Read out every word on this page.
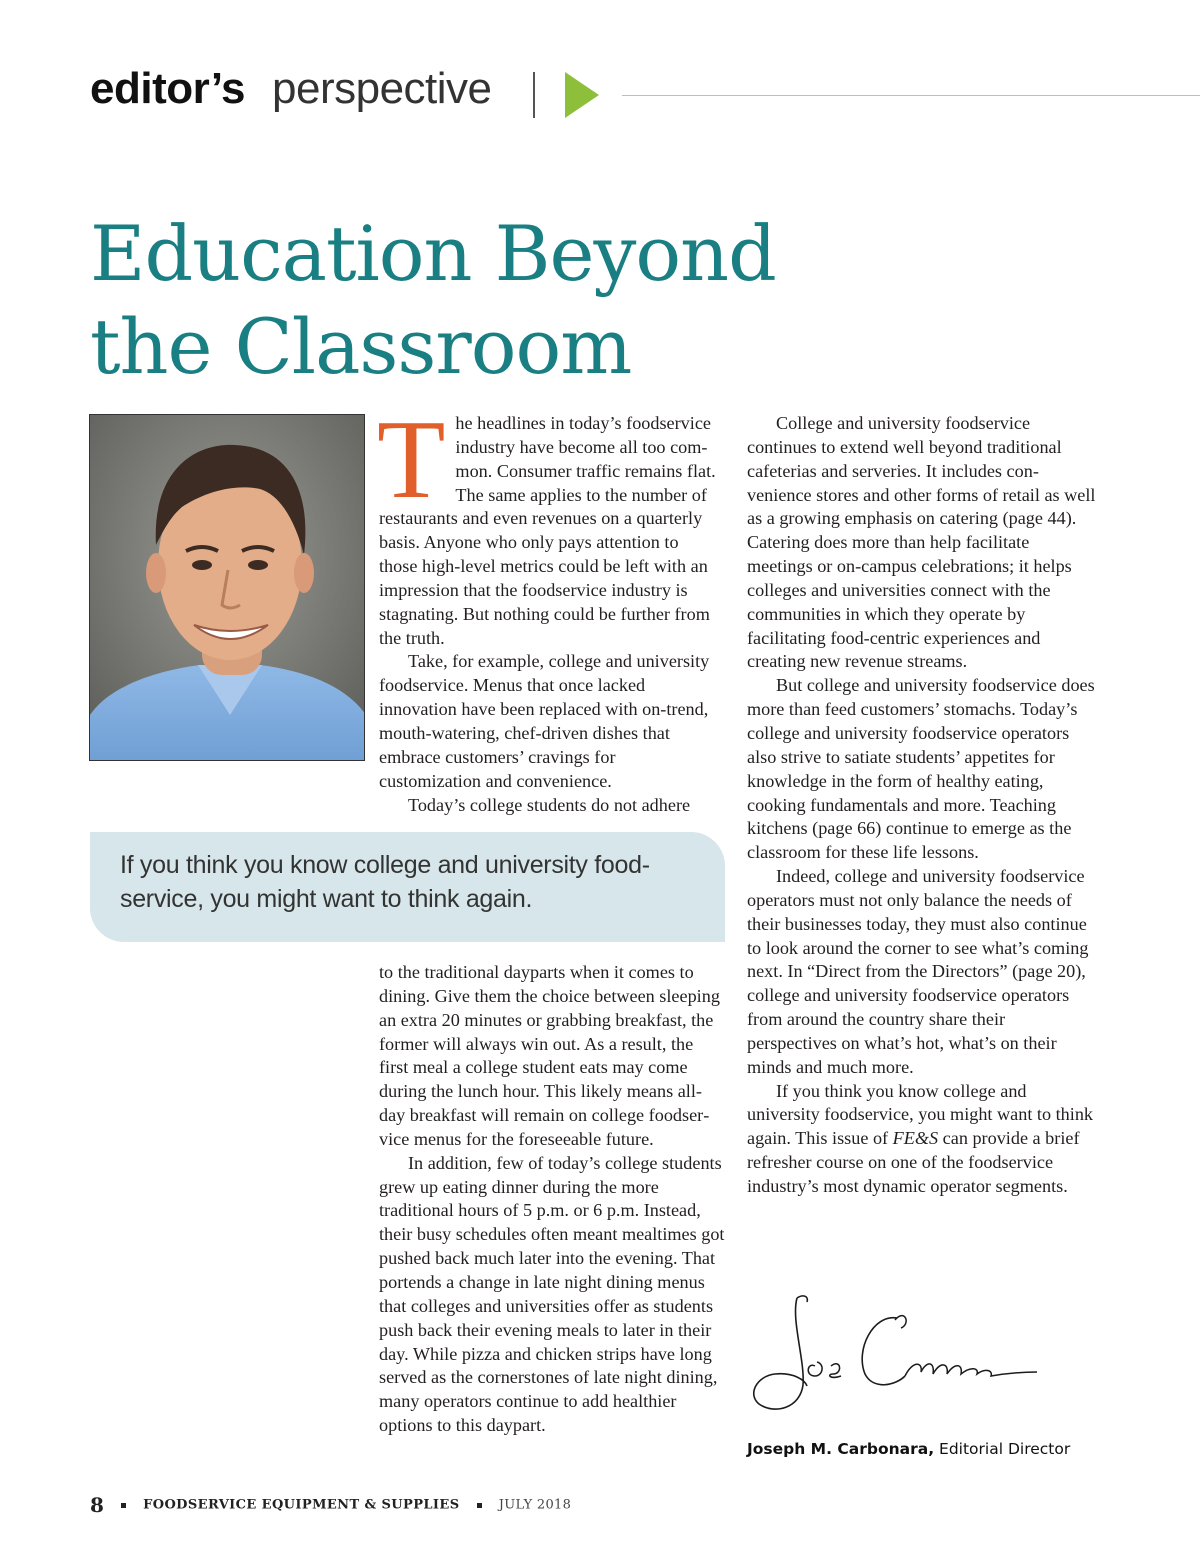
editor’s perspective
Education Beyond
the Classroom

The headlines in today’s foodservice industry have become all too common. Consumer traffic remains flat. The same applies to the number of restaurants and even revenues on a quarterly basis. Anyone who only pays attention to those high-level metrics could be left with an impression that the foodservice industry is stagnating. But nothing could be further from the truth.

Take, for example, college and university foodservice. Menus that once lacked innovation have been replaced with on-trend, mouth-watering, chef-driven dishes that embrace customers’ cravings for customization and convenience.

Today’s college students do not adhere

If you think you know college and university foodservice, you might want to think again.

to the traditional dayparts when it comes to dining. Give them the choice between sleeping an extra 20 minutes or grabbing breakfast, the former will always win out. As a result, the first meal a college student eats may come during the lunch hour. This likely means all-day breakfast will remain on college foodservice menus for the foreseeable future.

In addition, few of today’s college students grew up eating dinner during the more traditional hours of 5 p.m. or 6 p.m. Instead, their busy schedules often meant mealtimes got pushed back much later into the evening. That portends a change in late night dining menus that colleges and universities offer as students push back their evening meals to later in their day. While pizza and chicken strips have long served as the cornerstones of late night dining, many operators continue to add healthier options to this daypart.

College and university foodservice continues to extend well beyond traditional cafeterias and serveries. It includes convenience stores and other forms of retail as well as a growing emphasis on catering (page 44). Catering does more than help facilitate meetings or on-campus celebrations; it helps colleges and universities connect with the communities in which they operate by facilitating food-centric experiences and creating new revenue streams.

But college and university foodservice does more than feed customers’ stomachs. Today’s college and university foodservice operators also strive to satiate students’ appetites for knowledge in the form of healthy eating, cooking fundamentals and more. Teaching kitchens (page 66) continue to emerge as the classroom for these life lessons.

Indeed, college and university foodservice operators must not only balance the needs of their businesses today, they must also continue to look around the corner to see what’s coming next. In “Direct from the Directors” (page 20), college and university foodservice operators from around the country share their perspectives on what’s hot, what’s on their minds and much more.

If you think you know college and university foodservice, you might want to think again. This issue of FE&S can provide a brief refresher course on one of the foodservice industry’s most dynamic operator segments.

Joseph M. Carbonara, Editorial Director
8	FOODSERVICE EQUIPMENT & SUPPLIES	JULY 2018
